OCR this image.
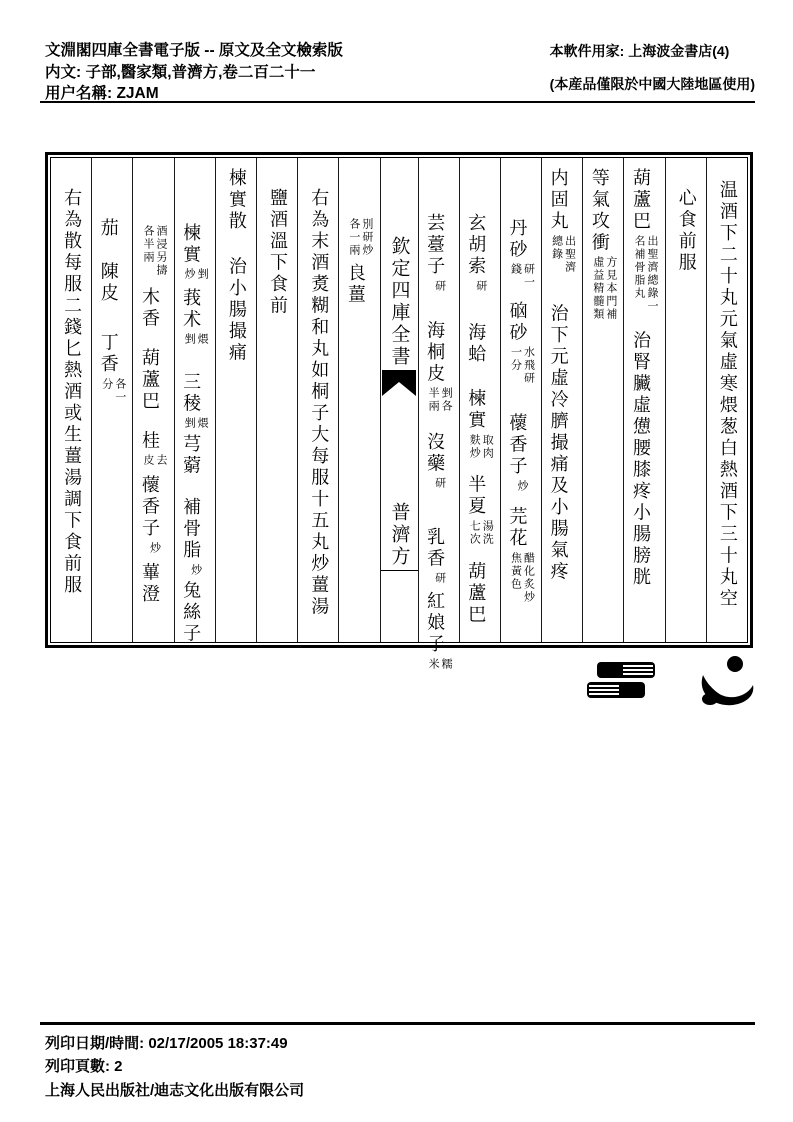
文淵閣四庫全書電子版 -- 原文及全文檢索版
内文: 子部,醫家類,普濟方,卷二百二十一
用户名稱: ZJAM
本軟件用家: 上海波金書店(4)
(本産品僅限於中國大陸地區使用)
温酒下二十丸元氣虛寒煨葱白熱酒下三十丸空
心食前服
葫蘆巴
出聖濟總錄一
名補骨脂丸
治腎臟虛憊腰膝疼小腸膀胱
等氣攻衝
方見本門補
虛益精髓類
内固丸
出聖濟
總錄
治下元虛冷臍撮痛及小腸氣疼
丹砂
研一
錢
硇砂
水飛研
一分
蘹香子
炒
芫花
醋化炙炒
焦黃色
玄胡索
研
海蛤楝實
取肉
麩炒
半夏
湯洗
七次
葫蘆巴
芸薹子
研
海桐皮
剉各
半兩
沒藥
研
乳香
研
紅娘子
糯
米
欽定四庫全書
普濟方
別研炒
各一兩
良薑
右為末酒煑糊和丸如桐子大每服十五丸炒薑湯
鹽酒溫下食前
楝實散治小腸撮痛
楝實
剉
炒
莪术
煨
剉
三稜
煨
剉
芎藭補骨脂
炒
兔絲子
酒浸另擣
各半兩
木香葫蘆巴桂
去
皮
蘹香子
炒
蓽澄
茄陳皮丁香
各一
分
右為散每服二錢匕熱酒或生薑湯調下食前服
列印日期/時間: 02/17/2005 18:37:49
列印頁數: 2
上海人民出版社/迪志文化出版有限公司
